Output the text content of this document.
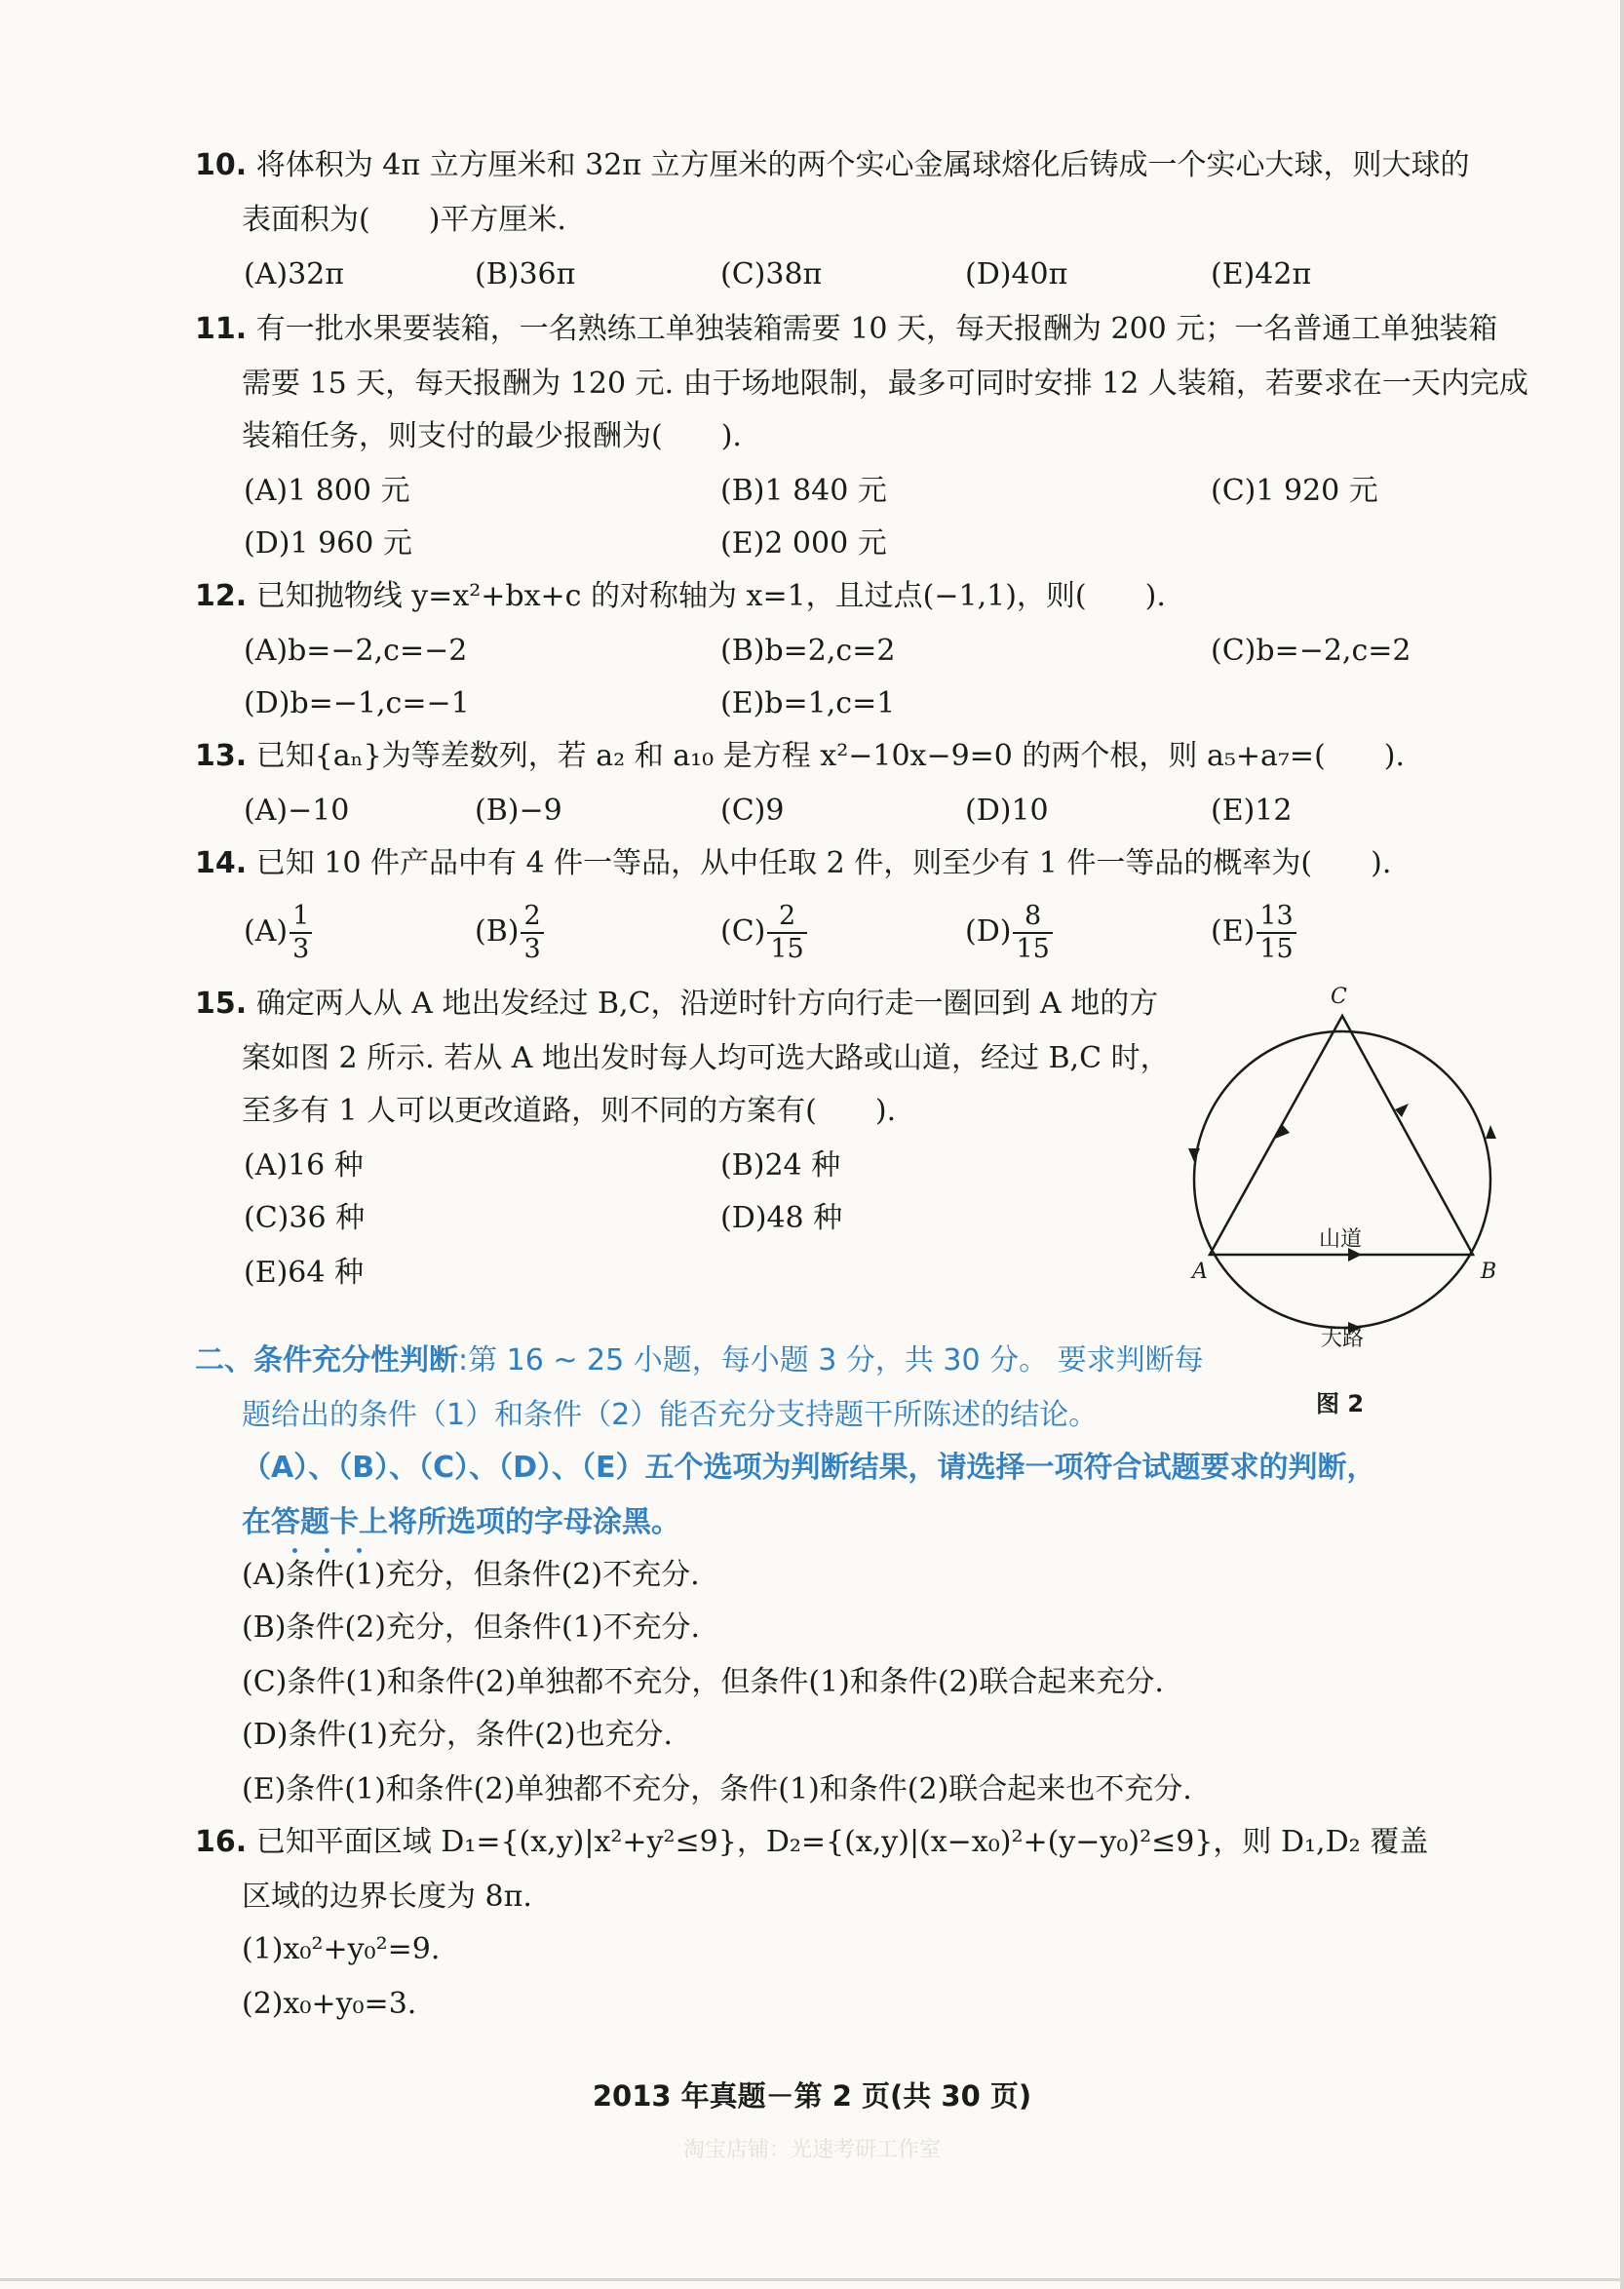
10. 将体积为 4π 立方厘米和 32π 立方厘米的两个实心金属球熔化后铸成一个实心大球，则大球的
表面积为(　　)平方厘米.
(A)32π	(B)36π	(C)38π	(D)40π	(E)42π
11. 有一批水果要装箱，一名熟练工单独装箱需要 10 天，每天报酬为 200 元；一名普通工单独装箱
需要 15 天，每天报酬为 120 元. 由于场地限制，最多可同时安排 12 人装箱，若要求在一天内完成
装箱任务，则支付的最少报酬为(　　).
(A)1 800 元	(B)1 840 元	(C)1 920 元
(D)1 960 元	(E)2 000 元
12. 已知抛物线 y=x²+bx+c 的对称轴为 x=1，且过点(−1,1)，则(　　).
(A)b=−2,c=−2	(B)b=2,c=2	(C)b=−2,c=2
(D)b=−1,c=−1	(E)b=1,c=1
13. 已知{aₙ}为等差数列，若 a₂ 和 a₁₀ 是方程 x²−10x−9=0 的两个根，则 a₅+a₇=(　　).
(A)−10	(B)−9	(C)9	(D)10	(E)12
14. 已知 10 件产品中有 4 件一等品，从中任取 2 件，则至少有 1 件一等品的概率为(　　).
$(A) \frac{1}{3}$	$(B) \frac{2}{3}$	$(C) \frac{2}{15}$	$(D) \frac{8}{15}$	$(E) \frac{13}{15}$
15. 确定两人从 A 地出发经过 B,C，沿逆时针方向行走一圈回到 A 地的方
案如图 2 所示. 若从 A 地出发时每人均可选大路或山道，经过 B,C 时，
至多有 1 人可以更改道路，则不同的方案有(　　).
(A)16 种	(B)24 种
(C)36 种	(D)48 种
(E)64 种
C
A	B
山道
大路
图 2
二、条件充分性判断:第 16 ~ 25 小题，每小题 3 分，共 30 分。 要求判断每
题给出的条件（1）和条件（2）能否充分支持题干所陈述的结论。
（A）、（B）、（C）、（D）、（E）五个选项为判断结果，请选择一项符合试题要求的判断，
在答题卡上将所选项的字母涂黑。
(A)条件(1)充分，但条件(2)不充分.
(B)条件(2)充分，但条件(1)不充分.
(C)条件(1)和条件(2)单独都不充分，但条件(1)和条件(2)联合起来充分.
(D)条件(1)充分，条件(2)也充分.
(E)条件(1)和条件(2)单独都不充分，条件(1)和条件(2)联合起来也不充分.
16. 已知平面区域 D₁={(x,y)|x²+y²≤9}，D₂={(x,y)|(x−x₀)²+(y−y₀)²≤9}，则 D₁,D₂ 覆盖
区域的边界长度为 8π.
(1)x₀²+y₀²=9.
(2)x₀+y₀=3.
2013 年真题－第 2 页(共 30 页)
淘宝店铺：光速考研工作室
